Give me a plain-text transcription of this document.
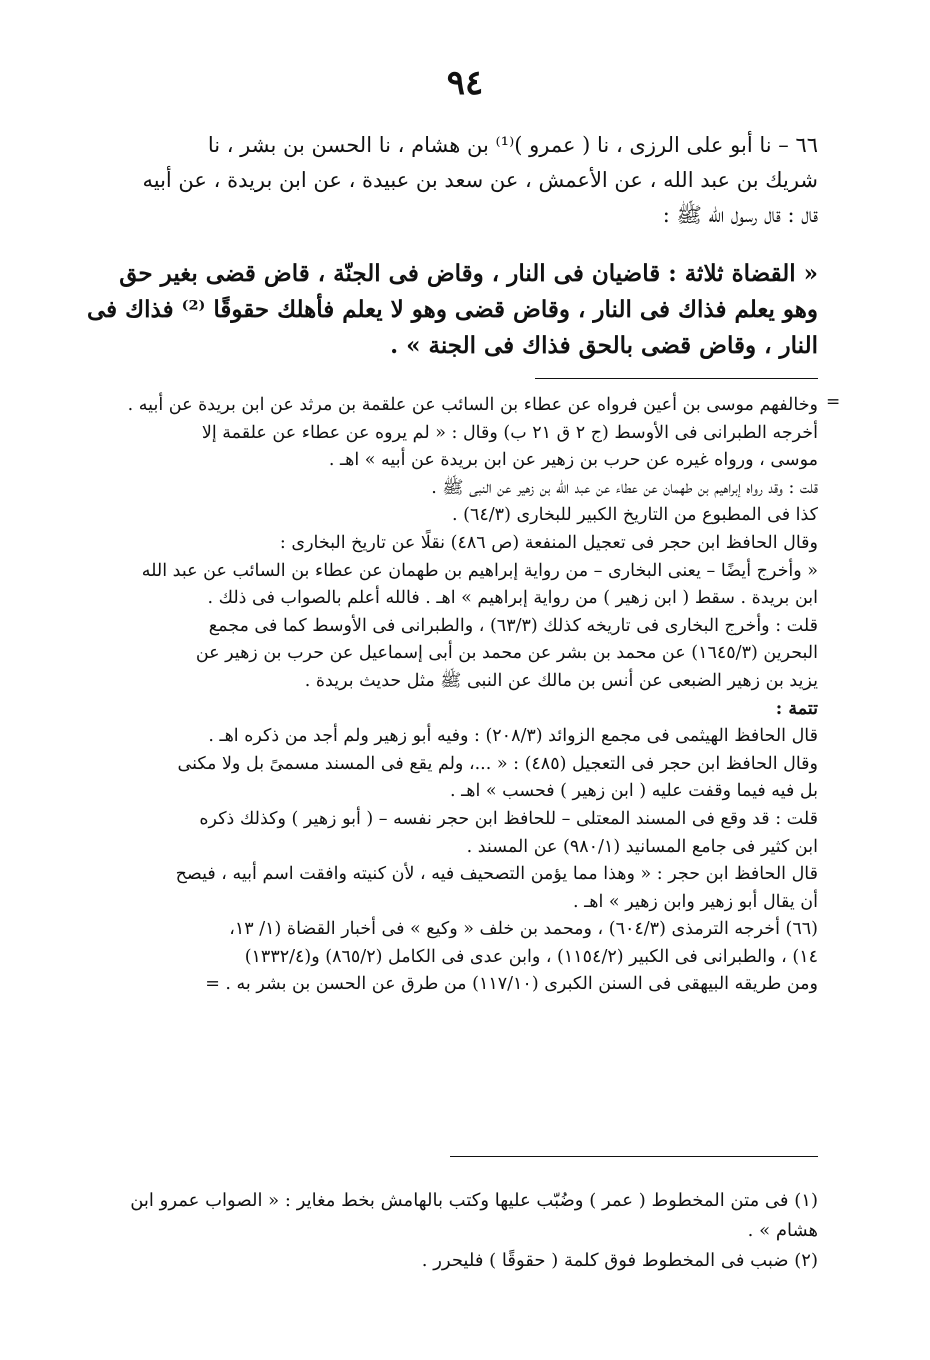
٩٤

٦٦ – نا أبو على الرزى ، نا ( عمرو )⁽¹⁾ بن هشام ، نا الحسن بن بشر ، نا

شريك بن عبد الله ، عن الأعمش ، عن سعد بن عبيدة ، عن ابن بريدة ، عن أبيه

قال : قال رسول الله ﷺ :

« القضاة ثلاثة : قاضيان فى النار ، وقاض فى الجنّة ، قاض قضى بغير حق

وهو يعلم فذاك فى النار ، وقاض قضى وهو لا يعلم فأهلك حقوقًا ⁽²⁾ فذاك فى

النار ، وقاض قضى بالحق فذاك فى الجنة » .

=

وخالفهم موسى بن أعين فرواه عن عطاء بن السائب عن علقمة بن مرثد عن ابن بريدة عن أبيه .

أخرجه الطبرانى فى الأوسط (ج ٢ ق ٢١ ب) وقال : « لم يروه عن عطاء عن علقمة إلا

موسى ، ورواه غيره عن حرب بن زهير عن ابن بريدة عن أبيه » اهـ .

قلت : وقد رواه إبراهيم بن طهمان عن عطاء عن عبد الله بن زهير عن النبى ﷺ .

كذا فى المطبوع من التاريخ الكبير للبخارى (٦٤/٣) .

وقال الحافظ ابن حجر فى تعجيل المنفعة (ص ٤٨٦) نقلًا عن تاريخ البخارى :

« وأخرج أيضًا – يعنى البخارى – من رواية إبراهيم بن طهمان عن عطاء بن السائب عن عبد الله

ابن بريدة . سقط ( ابن زهير ) من رواية إبراهيم » اهـ . فالله أعلم بالصواب فى ذلك .

قلت : وأخرج البخارى فى تاريخه كذلك (٦٣/٣) ، والطبرانى فى الأوسط كما فى مجمع

البحرين (١٦٤٥/٣) عن محمد بن بشر عن محمد بن أبى إسماعيل عن حرب بن زهير عن

يزيد بن زهير الضبعى عن أنس بن مالك عن النبى ﷺ مثل حديث بريدة .

تتمة :

قال الحافظ الهيثمى فى مجمع الزوائد (٢٠٨/٣) : وفيه أبو زهير ولم أجد من ذكره اهـ .

وقال الحافظ ابن حجر فى التعجيل (٤٨٥) : « ...، ولم يقع فى المسند مسمىً بل ولا مكنى

بل فيه فيما وقفت عليه ( ابن زهير ) فحسب » اهـ .

قلت : قد وقع فى المسند المعتلى – للحافظ ابن حجر نفسه – ( أبو زهير ) وكذلك ذكره

ابن كثير فى جامع المسانيد (٩٨٠/١) عن المسند .

قال الحافظ ابن حجر : « وهذا مما يؤمن التصحيف فيه ، لأن كنيته وافقت اسم أبيه ، فيصح

أن يقال أبو زهير وابن زهير » اهـ .

(٦٦) أخرجه الترمذى (٦٠٤/٣) ، ومحمد بن خلف « وكيع » فى أخبار القضاة (١/ ١٣،

١٤) ، والطبرانى فى الكبير (١١٥٤/٢) ، وابن عدى فى الكامل (٨٦٥/٢) و(١٣٣٢/٤)

ومن طريقه البيهقى فى السنن الكبرى (١١٧/١٠) من طرق عن الحسن بن بشر به . =

(١) فى متن المخطوط ( عمر ) وضُبّب عليها وكتب بالهامش بخط مغاير : « الصواب عمرو ابن

هشام » .

(٢) ضبب فى المخطوط فوق كلمة ( حقوقًا ) فليحرر .
